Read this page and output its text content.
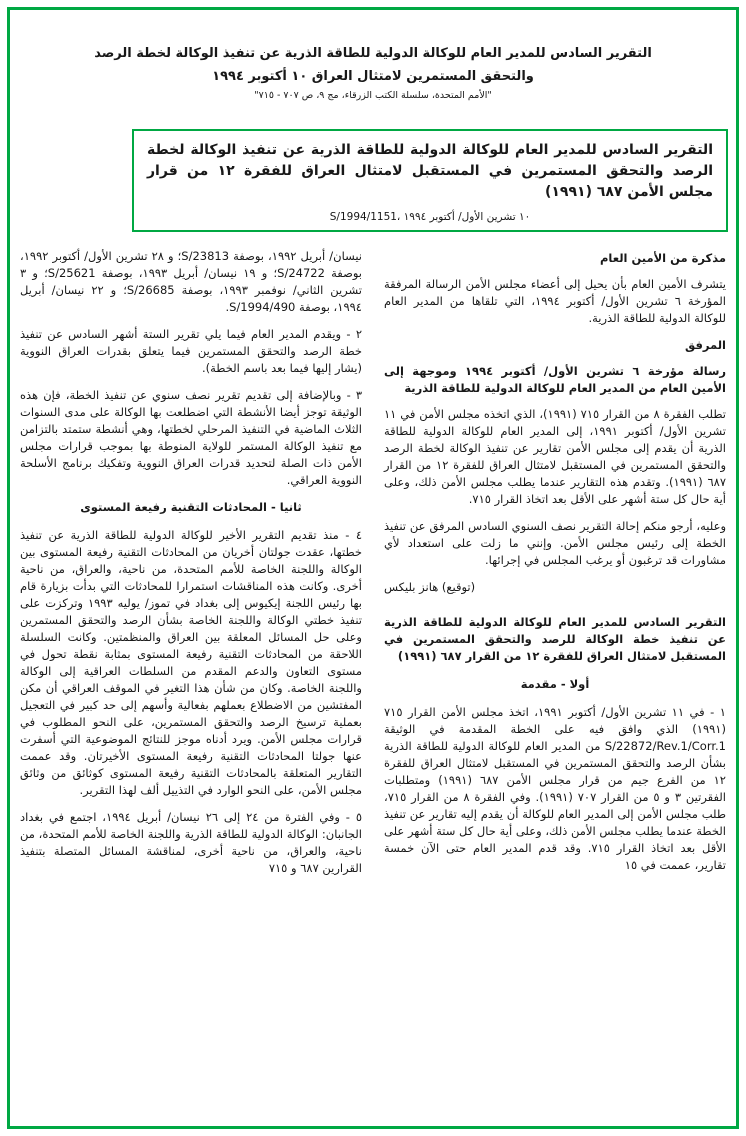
التقرير السادس للمدير العام للوكالة الدولية للطاقة الذرية عن تنفيذ الوكالة لخطة الرصد
والتحقق المستمرين لامتثال العراق ١٠ أكتوبر ١٩٩٤
"الأمم المتحدة، سلسلة الكتب الزرقاء، مج ٩، ص ٧٠٧ - ٧١٥"
التقرير السادس للمدير العام للوكالة الدولية للطاقة الذرية عن تنفيذ الوكالة لخطة الرصد والتحقق المستمرين في المستقبل لامتثال العراق للفقرة ١٢ من قرار مجلس الأمن ٦٨٧ (١٩٩١)
S/1994/1151، ١٠ تشرين الأول/ أكتوبر ١٩٩٤
مذكرة من الأمين العام

يتشرف الأمين العام بأن يحيل إلى أعضاء مجلس الأمن الرسالة المرفقة المؤرخة ٦ تشرين الأول/ أكتوبر ١٩٩٤، التي تلقاها من المدير العام للوكالة الدولية للطاقة الذرية.

المرفق
رسالة مؤرخة ٦ تشرين الأول/ أكتوبر ١٩٩٤ وموجهة إلى الأمين العام من المدير العام للوكالة الدولية للطاقة الذرية

تطلب الفقرة ٨ من القرار ٧١٥ (١٩٩١)، الذي اتخذه مجلس الأمن في ١١ تشرين الأول/ أكتوبر ١٩٩١، إلى المدير العام للوكالة الدولية للطاقة الذرية أن يقدم إلى مجلس الأمن تقارير عن تنفيذ الوكالة لخطة الرصد والتحقق المستمرين في المستقبل لامتثال العراق للفقرة ١٢ من القرار ٦٨٧ (١٩٩١). وتقدم هذه التقارير عندما يطلب مجلس الأمن ذلك، وعلى أية حال كل ستة أشهر على الأقل بعد اتخاذ القرار ٧١٥.

وعليه، أرجو منكم إحالة التقرير نصف السنوي السادس المرفق عن تنفيذ الخطة إلى رئيس مجلس الأمن. وإنني ما زلت على استعداد لأي مشاورات قد ترغبون أو يرغب المجلس في إجرائها.

(توقيع) هانز بليكس
التقرير السادس للمدير العام للوكالة الدولية للطاقة الذرية عن تنفيذ خطة الوكالة للرصد والتحقق المستمرين في المستقبل لامتثال العراق للفقرة ١٢ من القرار ٦٨٧ (١٩٩١)
أولا - مقدمة

١ - في ١١ تشرين الأول/ أكتوبر ١٩٩١، اتخذ مجلس الأمن القرار ٧١٥ (١٩٩١) الذي وافق فيه على الخطة المقدمة في الوثيقة S/22872/Rev.1/Corr.1 من المدير العام للوكالة الدولية للطاقة الذرية بشأن الرصد والتحقق المستمرين في المستقبل لامتثال العراق للفقرة ١٢ من الفرع جيم من قرار مجلس الأمن ٦٨٧ (١٩٩١) ومتطلبات الفقرتين ٣ و ٥ من القرار ٧٠٧ (١٩٩١). وفي الفقرة ٨ من القرار ٧١٥، طلب مجلس الأمن إلى المدير العام للوكالة أن يقدم إليه تقارير عن تنفيذ الخطة عندما يطلب مجلس الأمن ذلك، وعلى أية حال كل ستة أشهر على الأقل بعد اتخاذ القرار ٧١٥. وقد قدم المدير العام حتى الآن خمسة تقارير، عممت في ١٥

نيسان/ أبريل ١٩٩٢، بوصفة S/23813؛ و ٢٨ تشرين الأول/ أكتوبر ١٩٩٢، بوصفة S/24722؛ و ١٩ نيسان/ أبريل ١٩٩٣، بوصفة S/25621؛ و ٣ تشرين الثاني/ نوفمبر ١٩٩٣، بوصفة S/26685؛ و ٢٢ نيسان/ أبريل ١٩٩٤، بوصفة S/1994/490.

٢ - ويقدم المدير العام فيما يلي تقرير الستة أشهر السادس عن تنفيذ خطة الرصد والتحقق المستمرين فيما يتعلق بقدرات العراق النووية (يشار إليها فيما بعد باسم الخطة).

٣ - وبالإضافة إلى تقديم تقرير نصف سنوي عن تنفيذ الخطة، فإن هذه الوثيقة توجز أيضا الأنشطة التي اضطلعت بها الوكالة على مدى السنوات الثلاث الماضية في التنفيذ المرحلي لخطتها، وهي أنشطة ستمتد بالتزامن مع تنفيذ الوكالة المستمر للولاية المنوطة بها بموجب قرارات مجلس الأمن ذات الصلة لتحديد قدرات العراق النووية وتفكيك برنامج الأسلحة النووية العراقي.

ثانيا - المحادثات التقنية رفيعة المستوى

٤ - منذ تقديم التقرير الأخير للوكالة الدولية للطاقة الذرية عن تنفيذ خطتها، عقدت جولتان أخريان من المحادثات التقنية رفيعة المستوى بين الوكالة واللجنة الخاصة للأمم المتحدة، من ناحية، والعراق، من ناحية أخرى. وكانت هذه المناقشات استمرارا للمحادثات التي بدأت بزيارة قام بها رئيس اللجنة إيكيوس إلى بغداد في تموز/ يوليه ١٩٩٣ وتركزت على تنفيذ خطتي الوكالة واللجنة الخاصة بشأن الرصد والتحقق المستمرين وعلى حل المسائل المعلقة بين العراق والمنظمتين. وكانت السلسلة اللاحقة من المحادثات التقنية رفيعة المستوى بمثابة نقطة تحول في مستوى التعاون والدعم المقدم من السلطات العراقية إلى الوكالة واللجنة الخاصة. وكان من شأن هذا التغير في الموقف العراقي أن مكن المفتشين من الاضطلاع بعملهم بفعالية وأسهم إلى حد كبير في التعجيل بعملية ترسيخ الرصد والتحقق المستمرين، على النحو المطلوب في قرارات مجلس الأمن. ويرد أدناه موجز للنتائج الموضوعية التي أسفرت عنها جولتا المحادثات التقنية رفيعة المستوى الأخيرتان. وقد عممت التقارير المتعلقة بالمحادثات التقنية رفيعة المستوى كوثائق من وثائق مجلس الأمن، على النحو الوارد في التذييل ألف لهذا التقرير.

٥ - وفي الفترة من ٢٤ إلى ٢٦ نيسان/ أبريل ١٩٩٤، اجتمع في بغداد الجانبان: الوكالة الدولية للطاقة الذرية واللجنة الخاصة للأمم المتحدة، من ناحية، والعراق، من ناحية أخرى، لمناقشة المسائل المتصلة بتنفيذ القرارين ٦٨٧ و ٧١٥
